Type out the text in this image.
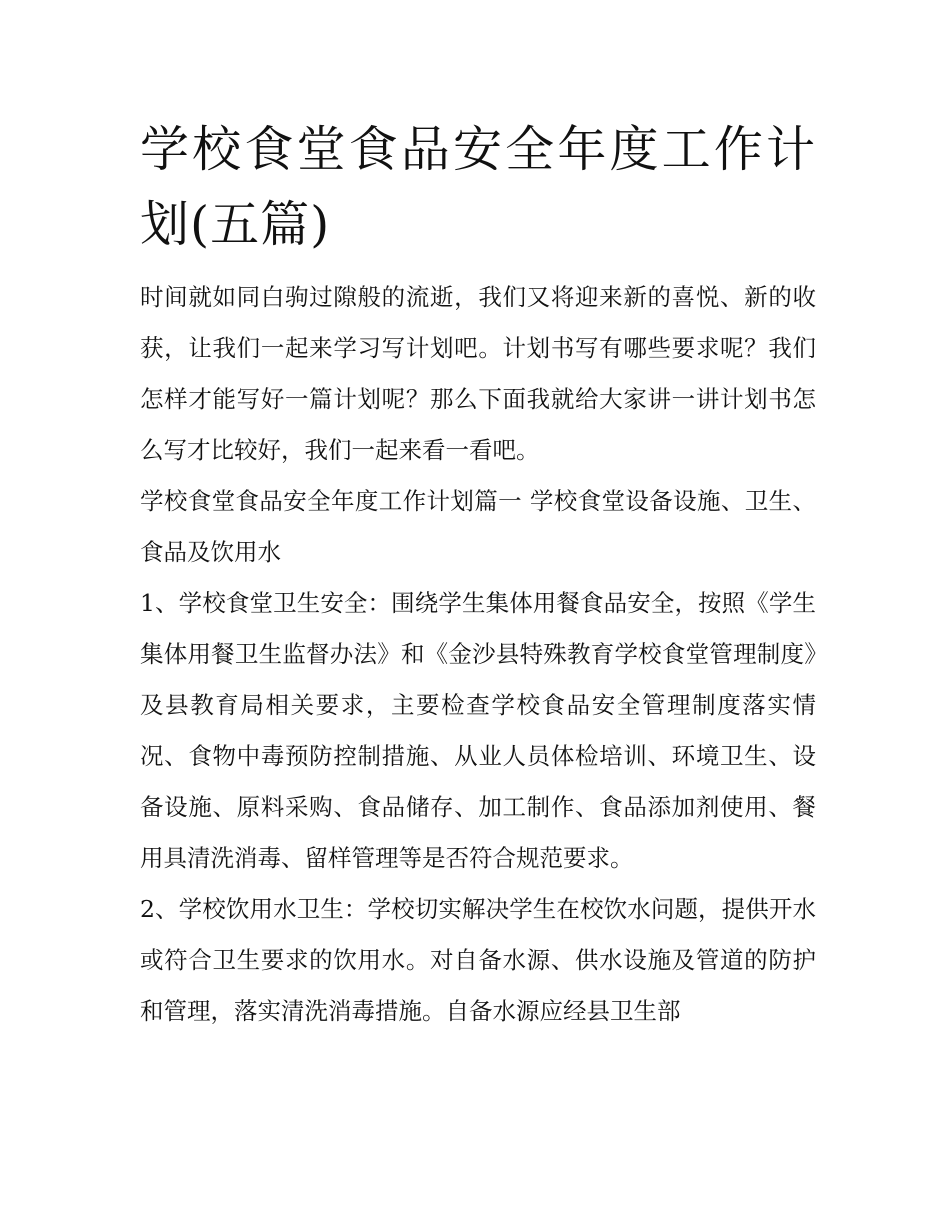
学校食堂食品安全年度工作计划(五篇)

时间就如同白驹过隙般的流逝，我们又将迎来新的喜悦、新的收获，让我们一起来学习写计划吧。计划书写有哪些要求呢？我们怎样才能写好一篇计划呢？那么下面我就给大家讲一讲计划书怎么写才比较好，我们一起来看一看吧。

学校食堂食品安全年度工作计划篇一 学校食堂设备设施、卫生、食品及饮用水

1、学校食堂卫生安全：围绕学生集体用餐食品安全，按照《学生集体用餐卫生监督办法》和《金沙县特殊教育学校食堂管理制度》及县教育局相关要求，主要检查学校食品安全管理制度落实情况、食物中毒预防控制措施、从业人员体检培训、环境卫生、设备设施、原料采购、食品储存、加工制作、食品添加剂使用、餐用具清洗消毒、留样管理等是否符合规范要求。

2、学校饮用水卫生：学校切实解决学生在校饮水问题，提供开水或符合卫生要求的饮用水。对自备水源、供水设施及管道的防护和管理，落实清洗消毒措施。自备水源应经县卫生部
